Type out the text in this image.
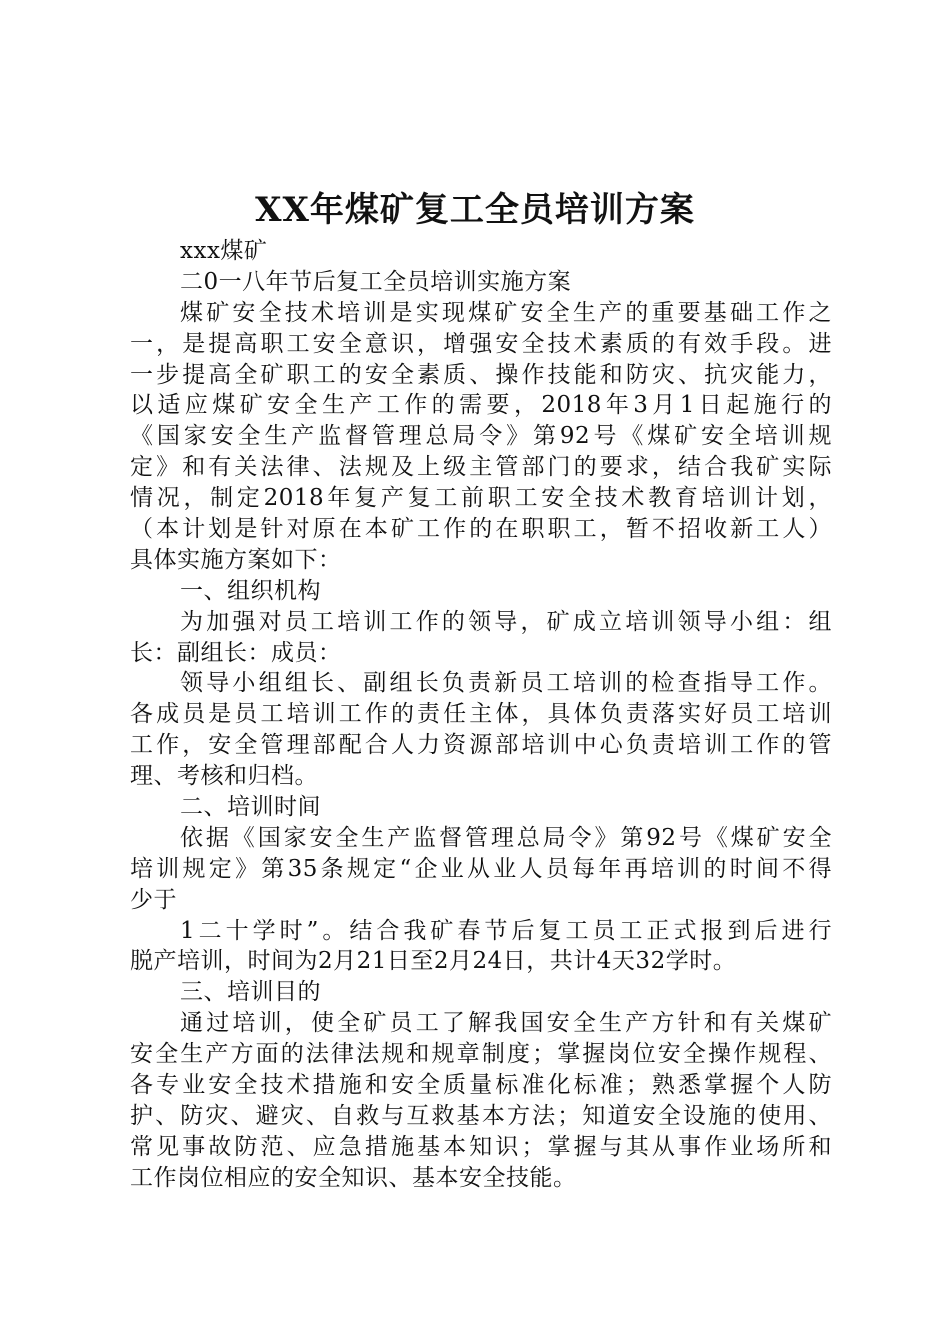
XX年煤矿复工全员培训方案
xxx煤矿
二0一八年节后复工全员培训实施方案
煤矿安全技术培训是实现煤矿安全生产的重要基础工作之
一，是提高职工安全意识，增强安全技术素质的有效手段。进
一步提高全矿职工的安全素质、操作技能和防灾、抗灾能力，
以适应煤矿安全生产工作的需要，2018年3月1日起施行的
《国家安全生产监督管理总局令》第92号《煤矿安全培训规
定》和有关法律、法规及上级主管部门的要求，结合我矿实际
情况，制定2018年复产复工前职工安全技术教育培训计划，
（本计划是针对原在本矿工作的在职职工，暂不招收新工人）
具体实施方案如下：
一、组织机构
为加强对员工培训工作的领导，矿成立培训领导小组：组
长：副组长：成员：
领导小组组长、副组长负责新员工培训的检查指导工作。
各成员是员工培训工作的责任主体，具体负责落实好员工培训
工作，安全管理部配合人力资源部培训中心负责培训工作的管
理、考核和归档。
二、培训时间
依据《国家安全生产监督管理总局令》第92号《煤矿安全
培训规定》第35条规定“企业从业人员每年再培训的时间不得
少于
1二十学时”。结合我矿春节后复工员工正式报到后进行
脱产培训，时间为2月21日至2月24日，共计4天32学时。
三、培训目的
通过培训，使全矿员工了解我国安全生产方针和有关煤矿
安全生产方面的法律法规和规章制度；掌握岗位安全操作规程、
各专业安全技术措施和安全质量标准化标准；熟悉掌握个人防
护、防灾、避灾、自救与互救基本方法；知道安全设施的使用、
常见事故防范、应急措施基本知识；掌握与其从事作业场所和
工作岗位相应的安全知识、基本安全技能。
